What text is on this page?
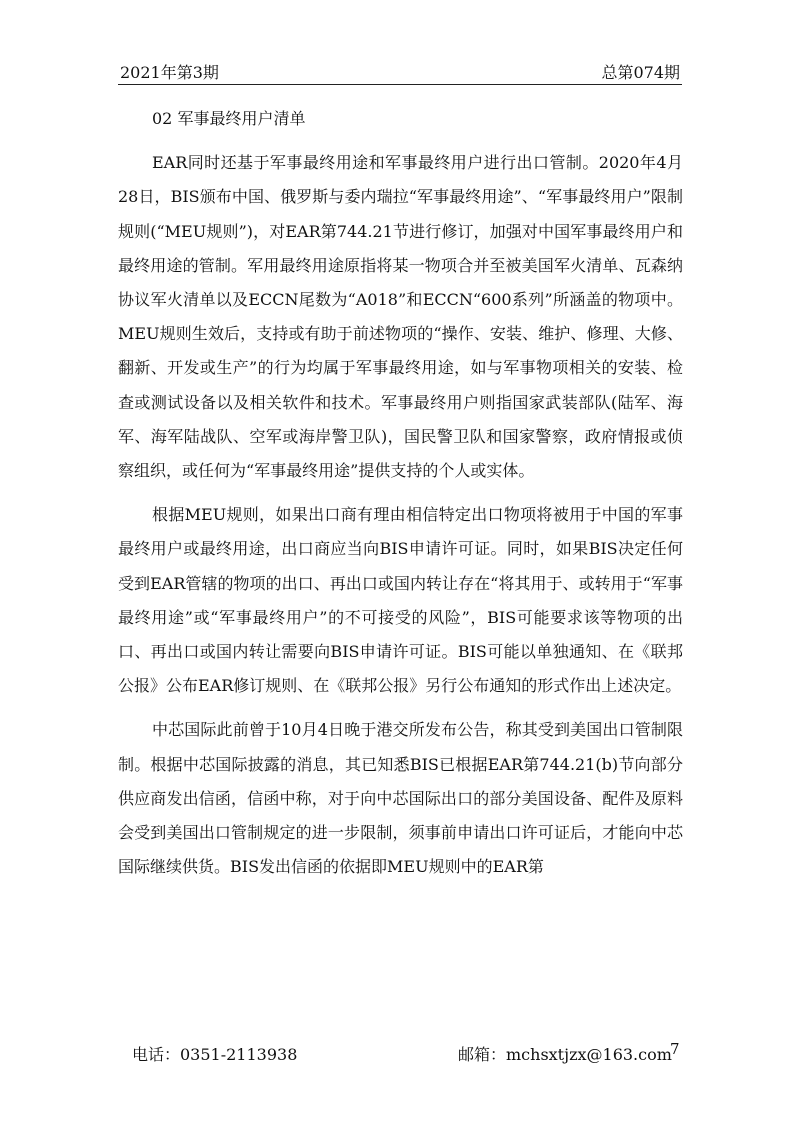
2021年第3期	总第074期

02 军事最终用户清单

EAR同时还基于军事最终用途和军事最终用户进行出口管制。2020年4月28日，BIS颁布中国、俄罗斯与委内瑞拉“军事最终用途”、“军事最终用户”限制规则(“MEU规则”)，对EAR第744.21节进行修订，加强对中国军事最终用户和最终用途的管制。军用最终用途原指将某一物项合并至被美国军火清单、瓦森纳协议军火清单以及ECCN尾数为“A018”和ECCN“600系列”所涵盖的物项中。MEU规则生效后，支持或有助于前述物项的“操作、安装、维护、修理、大修、翻新、开发或生产”的行为均属于军事最终用途，如与军事物项相关的安装、检查或测试设备以及相关软件和技术。军事最终用户则指国家武装部队(陆军、海军、海军陆战队、空军或海岸警卫队)，国民警卫队和国家警察，政府情报或侦察组织，或任何为“军事最终用途”提供支持的个人或实体。

根据MEU规则，如果出口商有理由相信特定出口物项将被用于中国的军事最终用户或最终用途，出口商应当向BIS申请许可证。同时，如果BIS决定任何受到EAR管辖的物项的出口、再出口或国内转让存在“将其用于、或转用于“军事最终用途”或“军事最终用户”的不可接受的风险”，BIS可能要求该等物项的出口、再出口或国内转让需要向BIS申请许可证。BIS可能以单独通知、在《联邦公报》公布EAR修订规则、在《联邦公报》另行公布通知的形式作出上述决定。

中芯国际此前曾于10月4日晚于港交所发布公告，称其受到美国出口管制限制。根据中芯国际披露的消息，其已知悉BIS已根据EAR第744.21(b)节向部分供应商发出信函，信函中称，对于向中芯国际出口的部分美国设备、配件及原料会受到美国出口管制规定的进一步限制，须事前申请出口许可证后，才能向中芯国际继续供货。BIS发出信函的依据即MEU规则中的EAR第

电话：0351-2113938	邮箱：mchsxtjzx@163.com
7
